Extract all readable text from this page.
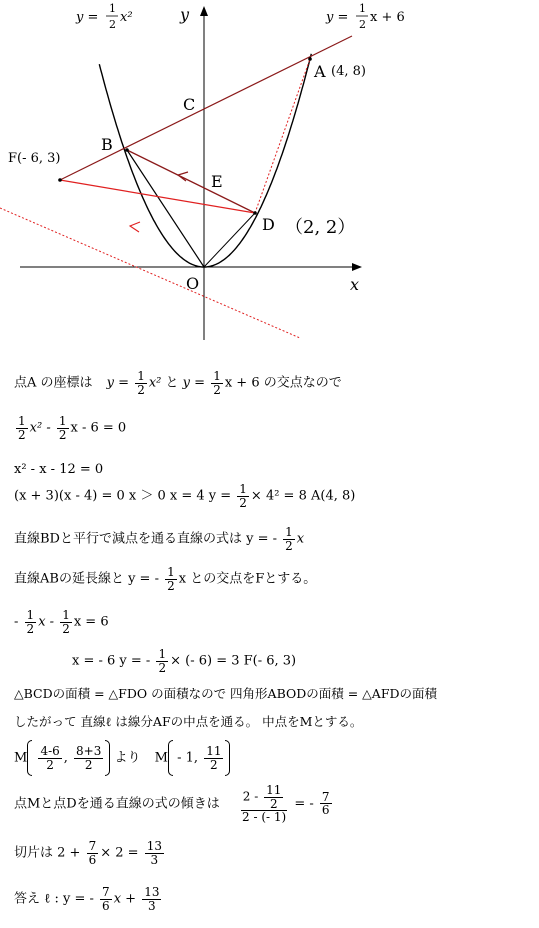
y =
1
2 x²	y =
1
2 x + 6
y
x
O
A (4, 8)
B
C
D （2, 2）
E
F(- 6, 3)
点A の座標は $y = \frac{1}{2} x^2$ と $y = \frac{1}{2}$ x + 6 の交点なので
$\frac{1}{2} x^2 - \frac{1}{2}$ x - 6 = 0
x² - x - 12 = 0
(x + 3)(x - 4) = 0 x ＞ 0 x = 4 $y = \frac{1}{2} \times 4^2 = 8$ A(4, 8)
直線BDと平行で減点を通る直線の式は y = - $\frac{1}{2}$ x
直線ABの延長線と y = - $\frac{1}{2}$ x との交点をFとする。
- $\frac{1}{2}$ x - $\frac{1}{2}$ x = 6
x = - 6 y = - $\frac{1}{2}$ × (- 6) = 3 F(- 6, 3)
△BCDの面積 = △FDO の面積なので 四角形ABODの面積 = △AFDの面積
したがって 直線ℓ は線分AFの中点を通る。 中点をMとする。
M $\frac{4-6}{2}$ , $\frac{8+3}{2}$ より M - 1, $\frac{11}{2}$
点Mと点Dを通る直線の式の傾きは $\frac{2 - \frac{11}{2}}{2 - (- 1)}$ = - $\frac{7}{6}$
切片は $2 + \frac{7}{6} \times 2 = \frac{13}{3}$
答え ℓ : y = - $\frac{7}{6}$ $x + \frac{13}{3}$
